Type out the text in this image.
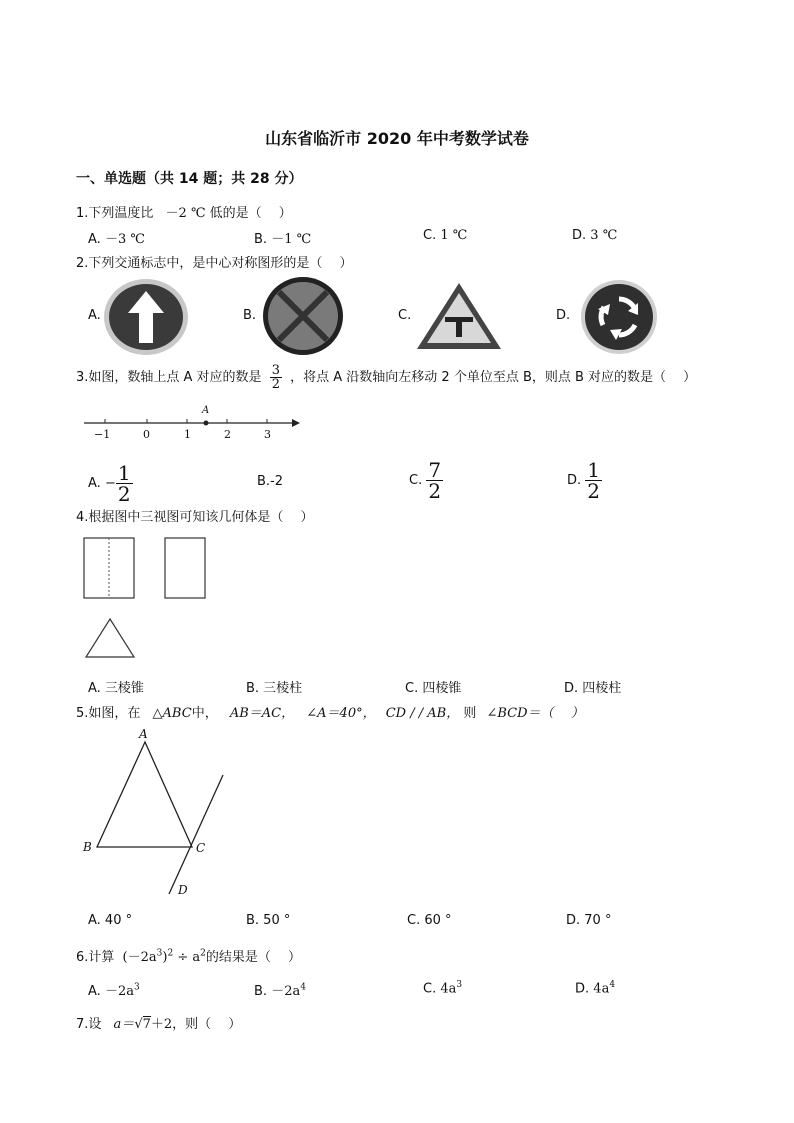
山东省临沂市 2020 年中考数学试卷
一、单选题（共 14 题；共 28 分）
1.下列温度比 －2 ℃ 低的是（　 ）
A. －3 ℃	B. －1 ℃	C. 1 ℃	D. 3 ℃
2.下列交通标志中，是中心对称图形的是（　 ）
A.	B.	C.	D.
3.如图，数轴上点 A 对应的数是 $\frac{3}{2}$ ，将点 A 沿数轴向左移动 2 个单位至点 B，则点 B 对应的数是（　 ）
−1	0	1	2	3
A
A.
− $\frac{1}{2}$	B.-2	C.
$\frac{7}{2}$	D.
$\frac{1}{2}$
4.根据图中三视图可知该几何体是（　 ）
A. 三棱锥	B. 三棱柱	C. 四棱锥	D. 四棱柱
5.如图，在 △ABC中， AB＝AC， ∠A＝40°， CD / / AB， 则 ∠BCD＝（　 ）
A
B	C
D
A. 40 °	B. 50 °	C. 60 °	D. 70 °
6.计算 $(-2a^3)^2 \div a^2$的结果是（　 ）
A. $-2a^3$	B. $-2a^4$	C. $4a^3$	D. $4a^4$
7.设 a＝√7＋2，则（　 ）
